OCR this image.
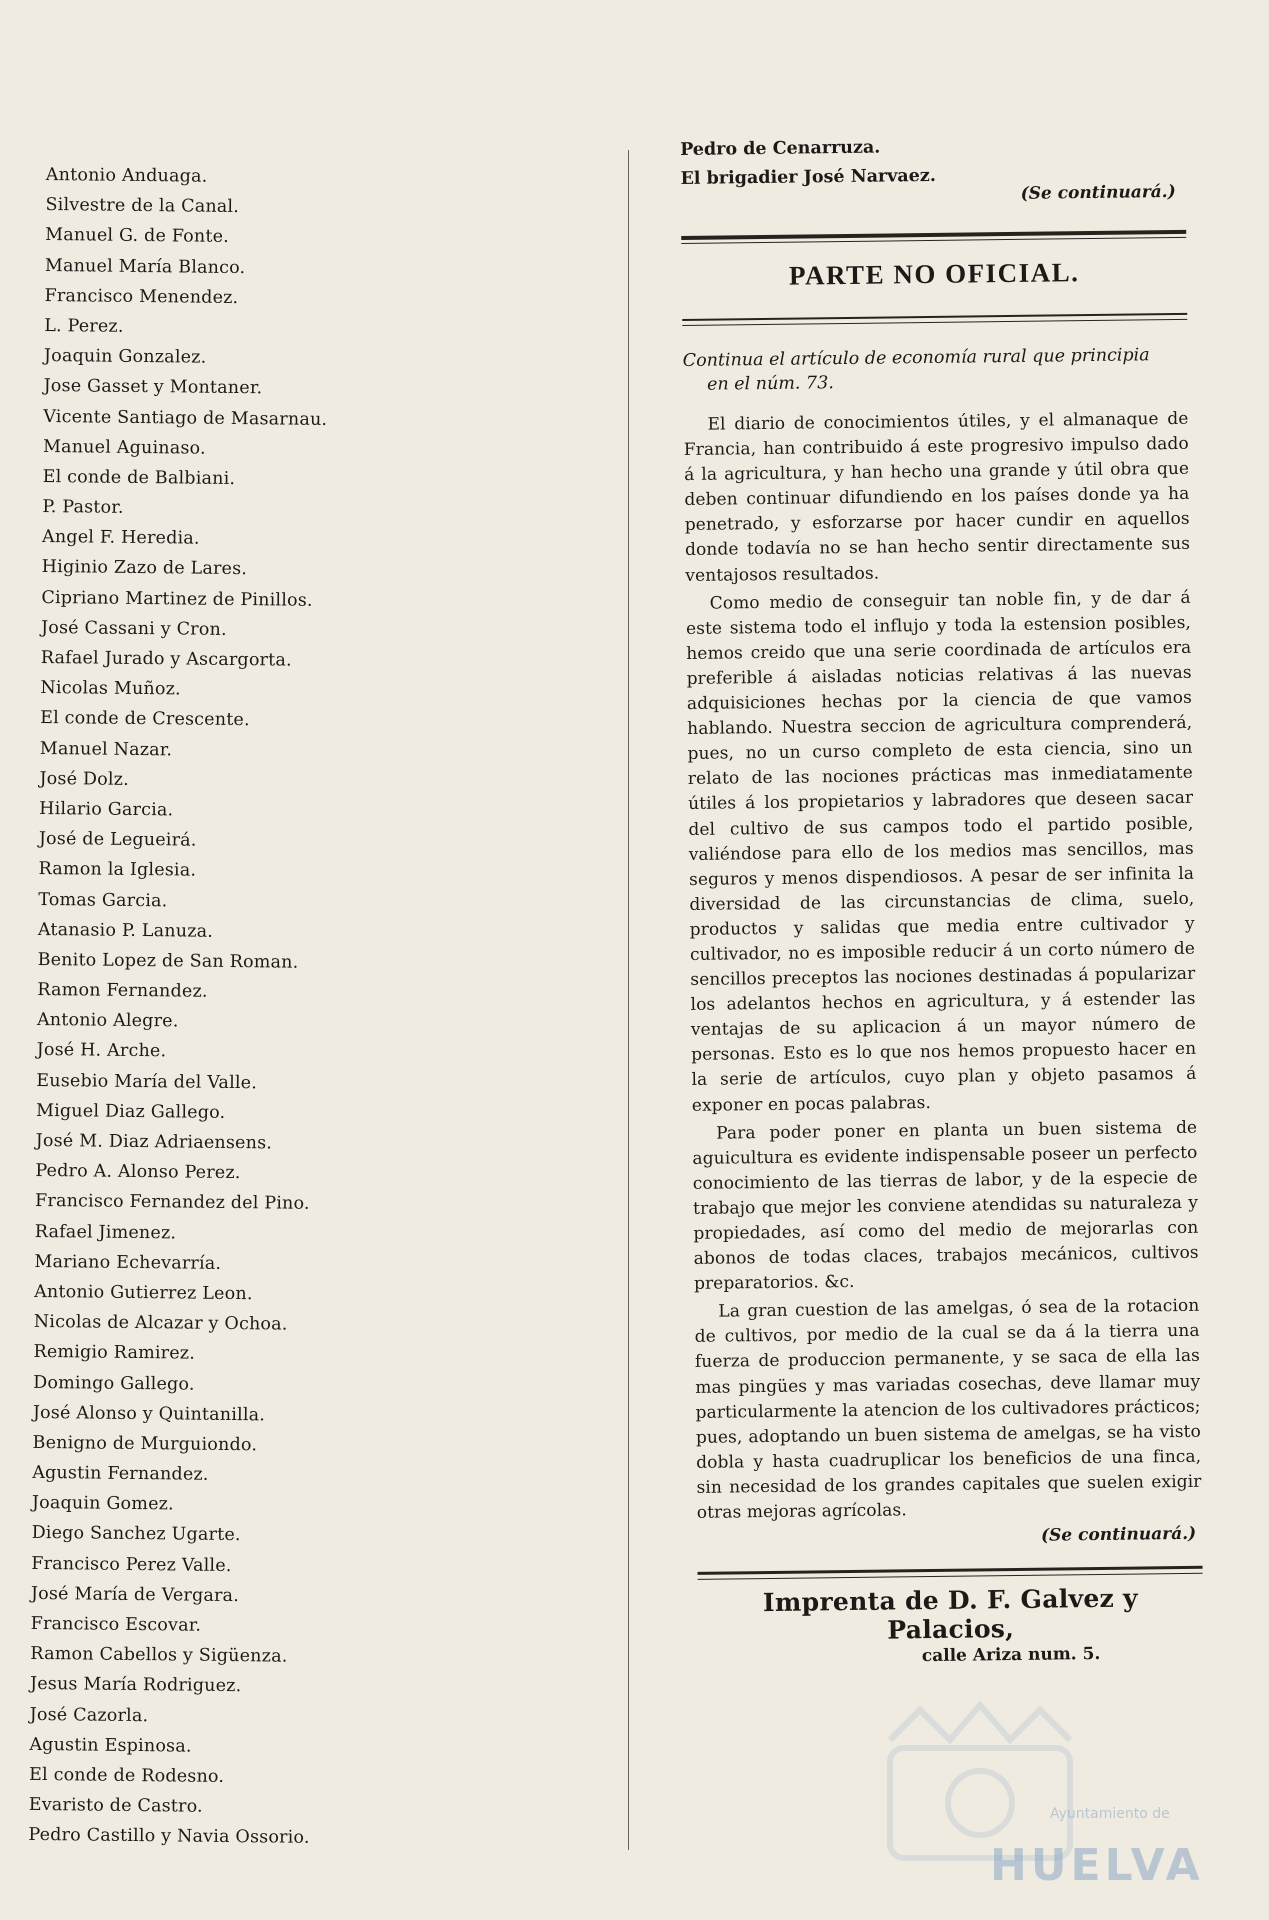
Antonio Anduaga.
Silvestre de la Canal.
Manuel G. de Fonte.
Manuel María Blanco.
Francisco Menendez.
L. Perez.
Joaquin Gonzalez.
Jose Gasset y Montaner.
Vicente Santiago de Masarnau.
Manuel Aguinaso.
El conde de Balbiani.
P. Pastor.
Angel F. Heredia.
Higinio Zazo de Lares.
Cipriano Martinez de Pinillos.
José Cassani y Cron.
Rafael Jurado y Ascargorta.
Nicolas Muñoz.
El conde de Crescente.
Manuel Nazar.
José Dolz.
Hilario Garcia.
José de Legueirá.
Ramon la Iglesia.
Tomas Garcia.
Atanasio P. Lanuza.
Benito Lopez de San Roman.
Ramon Fernandez.
Antonio Alegre.
José H. Arche.
Eusebio María del Valle.
Miguel Diaz Gallego.
José M. Diaz Adriaensens.
Pedro A. Alonso Perez.
Francisco Fernandez del Pino.
Rafael Jimenez.
Mariano Echevarría.
Antonio Gutierrez Leon.
Nicolas de Alcazar y Ochoa.
Remigio Ramirez.
Domingo Gallego.
José Alonso y Quintanilla.
Benigno de Murguiondo.
Agustin Fernandez.
Joaquin Gomez.
Diego Sanchez Ugarte.
Francisco Perez Valle.
José María de Vergara.
Francisco Escovar.
Ramon Cabellos y Sigüenza.
Jesus María Rodriguez.
José Cazorla.
Agustin Espinosa.
El conde de Rodesno.
Evaristo de Castro.
Pedro Castillo y Navia Ossorio.
Pedro de Cenarruza.
El brigadier José Narvaez.
(Se continuará.)
PARTE NO OFICIAL.
Continua el artículo de economía rural que principia
en el núm. 73.

El diario de conocimientos útiles, y el almanaque de Francia, han contribuido á este progresivo impulso dado á la agricultura, y han hecho una grande y útil obra que deben continuar difundiendo en los países donde ya ha penetrado, y esforzarse por hacer cundir en aquellos donde todavía no se han hecho sentir directamente sus ventajosos resultados.

Como medio de conseguir tan noble fin, y de dar á este sistema todo el influjo y toda la estension posibles, hemos creido que una serie coordinada de artículos era preferible á aisladas noticias relativas á las nuevas adquisiciones hechas por la ciencia de que vamos hablando. Nuestra seccion de agricultura comprenderá, pues, no un curso completo de esta ciencia, sino un relato de las nociones prácticas mas inmediatamente útiles á los propietarios y labradores que deseen sacar del cultivo de sus campos todo el partido posible, valiéndose para ello de los medios mas sencillos, mas seguros y menos dispendiosos. A pesar de ser infinita la diversidad de las circunstancias de clima, suelo, productos y salidas que media entre cultivador y cultivador, no es imposible reducir á un corto número de sencillos preceptos las nociones destinadas á popularizar los adelantos hechos en agricultura, y á estender las ventajas de su aplicacion á un mayor número de personas. Esto es lo que nos hemos propuesto hacer en la serie de artículos, cuyo plan y objeto pasamos á exponer en pocas palabras.

Para poder poner en planta un buen sistema de aguicultura es evidente indispensable poseer un perfecto conocimiento de las tierras de labor, y de la especie de trabajo que mejor les conviene atendidas su naturaleza y propiedades, así como del medio de mejorarlas con abonos de todas claces, trabajos mecánicos, cultivos preparatorios. &c.

La gran cuestion de las amelgas, ó sea de la rotacion de cultivos, por medio de la cual se da á la tierra una fuerza de produccion permanente, y se saca de ella las mas pingües y mas variadas cosechas, deve llamar muy particularmente la atencion de los cultivadores prácticos; pues, adoptando un buen sistema de amelgas, se ha visto dobla y hasta cuadruplicar los beneficios de una finca, sin necesidad de los grandes capitales que suelen exigir otras mejoras agrícolas.

(Se continuará.)
Imprenta de D. F. Galvez y Palacios,
calle Ariza num. 5.
Ayuntamiento de
HUELVA
